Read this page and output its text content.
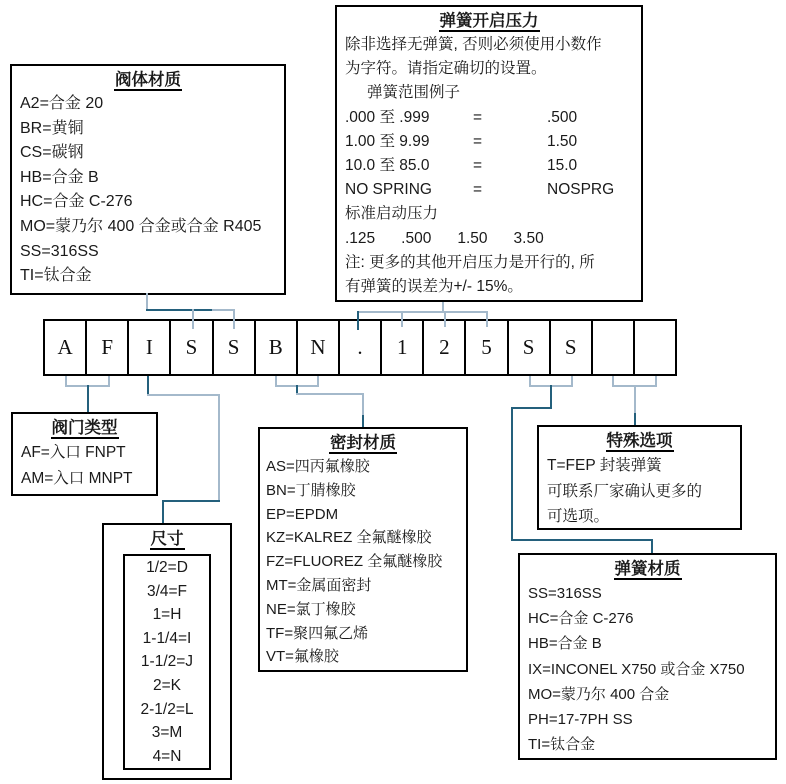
阀体材质
A2=合金 20
BR=黄铜
CS=碳钢
HB=合金 B
HC=合金 C-276
MO=蒙乃尔 400 合金或合金 R405
SS=316SS
TI=钛合金
弹簧开启压力
除非选择无弹簧, 否则必须使用小数作
为字符。请指定确切的设置。
弹簧范围例子
.000 至 .999	=	.500
1.00 至 9.99	=	1.50
10.0 至 85.0	=	15.0
NO SPRING	=	NOSPRG
标准启动压力
.125 .500 1.50 3.50
注: 更多的其他开启压力是开行的, 所
有弹簧的误差为+/- 15%。
A F I S S B N . 1 2 5 S S
阀门类型
AF=入口 FNPT
AM=入口 MNPT
尺寸
1/2=D
3/4=F
1=H
1-1/4=I
1-1/2=J
2=K
2-1/2=L
3=M
4=N
密封材质
AS=四丙氟橡胶
BN=丁腈橡胶
EP=EPDM
KZ=KALREZ 全氟醚橡胶
FZ=FLUOREZ 全氟醚橡胶
MT=金属面密封
NE=氯丁橡胶
TF=聚四氟乙烯
VT=氟橡胶
特殊选项
T=FEP 封装弹簧
可联系厂家确认更多的
可选项。
弹簧材质
SS=316SS
HC=合金 C-276
HB=合金 B
IX=INCONEL X750 或合金 X750
MO=蒙乃尔 400 合金
PH=17-7PH SS
TI=钛合金
